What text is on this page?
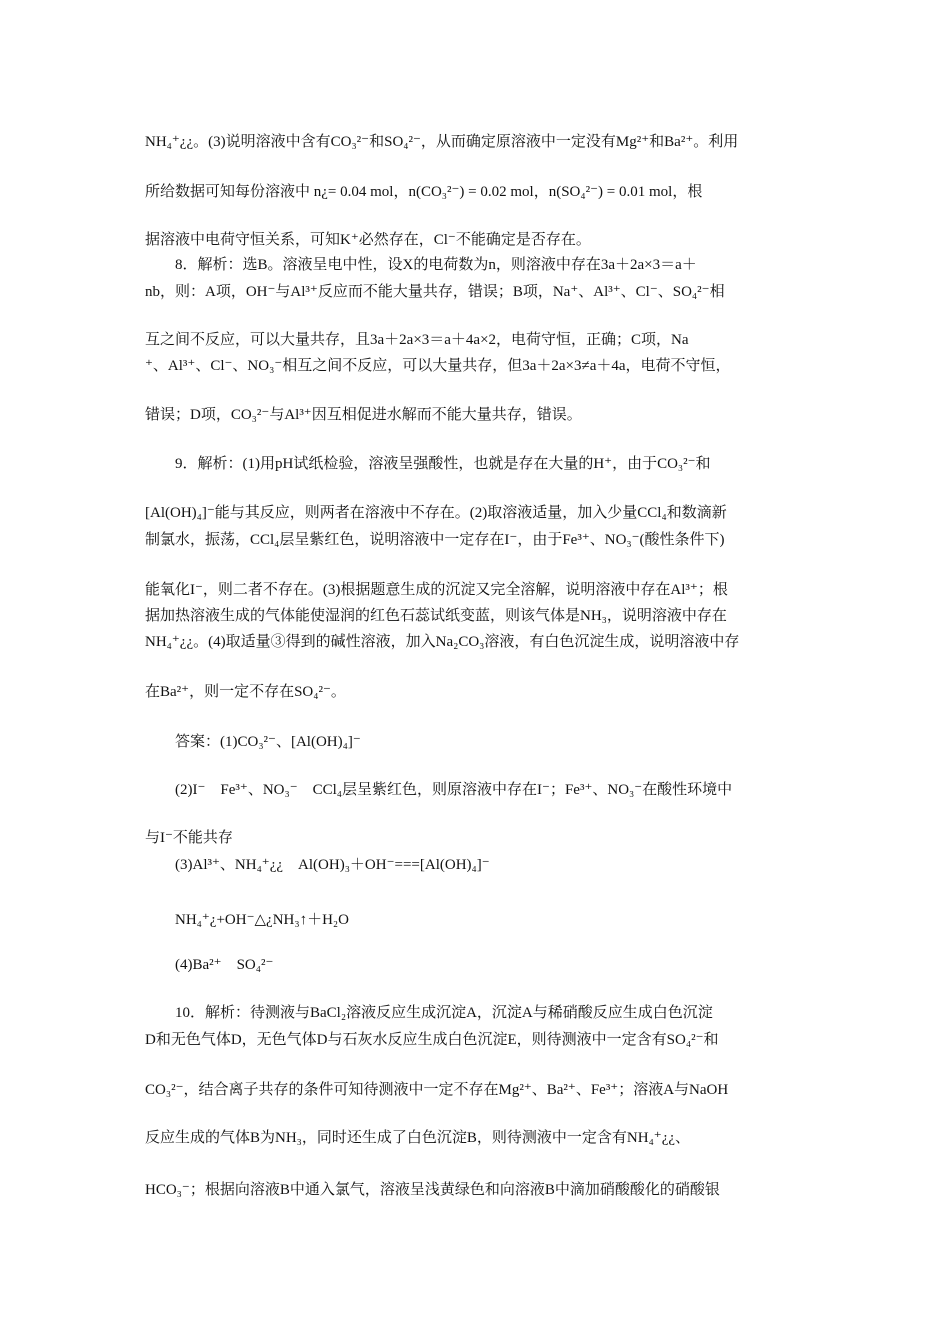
NH₄⁺¿¿。(3)说明溶液中含有CO₃²⁻和SO₄²⁻，从而确定原溶液中一定没有Mg²⁺和Ba²⁺。利用
所给数据可知每份溶液中 n¿= 0.04 mol，n(CO₃²⁻) = 0.02 mol，n(SO₄²⁻) = 0.01 mol，根
据溶液中电荷守恒关系，可知K⁺必然存在，Cl⁻不能确定是否存在。
8．解析：选B。溶液呈电中性，设X的电荷数为n，则溶液中存在3a＋2a×3＝a＋
nb，则：A项，OH⁻与Al³⁺反应而不能大量共存，错误；B项，Na⁺、Al³⁺、Cl⁻、SO₄²⁻相
互之间不反应，可以大量共存，且3a＋2a×3＝a＋4a×2，电荷守恒，正确；C项，Na
⁺、Al³⁺、Cl⁻、NO₃⁻相互之间不反应，可以大量共存，但3a＋2a×3≠a＋4a，电荷不守恒，
错误；D项，CO₃²⁻与Al³⁺因互相促进水解而不能大量共存，错误。
9．解析：(1)用pH试纸检验，溶液呈强酸性，也就是存在大量的H⁺，由于CO₃²⁻和
[Al(OH)₄]⁻能与其反应，则两者在溶液中不存在。(2)取溶液适量，加入少量CCl₄和数滴新
制氯水，振荡，CCl₄层呈紫红色，说明溶液中一定存在I⁻，由于Fe³⁺、NO₃⁻(酸性条件下)
能氧化I⁻，则二者不存在。(3)根据题意生成的沉淀又完全溶解，说明溶液中存在Al³⁺；根
据加热溶液生成的气体能使湿润的红色石蕊试纸变蓝，则该气体是NH₃，说明溶液中存在
NH₄⁺¿¿。(4)取适量③得到的碱性溶液，加入Na₂CO₃溶液，有白色沉淀生成，说明溶液中存
在Ba²⁺，则一定不存在SO₄²⁻。
答案：(1)CO₃²⁻、[Al(OH)₄]⁻
(2)I⁻　Fe³⁺、NO₃⁻　CCl₄层呈紫红色，则原溶液中存在I⁻；Fe³⁺、NO₃⁻在酸性环境中
与I⁻不能共存
(3)Al³⁺、NH₄⁺¿¿　Al(OH)₃＋OH⁻===[Al(OH)₄]⁻
NH₄⁺¿+OH⁻△¿NH₃↑＋H₂O
(4)Ba²⁺　SO₄²⁻
10．解析：待测液与BaCl₂溶液反应生成沉淀A，沉淀A与稀硝酸反应生成白色沉淀
D和无色气体D，无色气体D与石灰水反应生成白色沉淀E，则待测液中一定含有SO₄²⁻和
CO₃²⁻，结合离子共存的条件可知待测液中一定不存在Mg²⁺、Ba²⁺、Fe³⁺；溶液A与NaOH
反应生成的气体B为NH₃，同时还生成了白色沉淀B，则待测液中一定含有NH₄⁺¿¿、
HCO₃⁻；根据向溶液B中通入氯气，溶液呈浅黄绿色和向溶液B中滴加硝酸酸化的硝酸银
